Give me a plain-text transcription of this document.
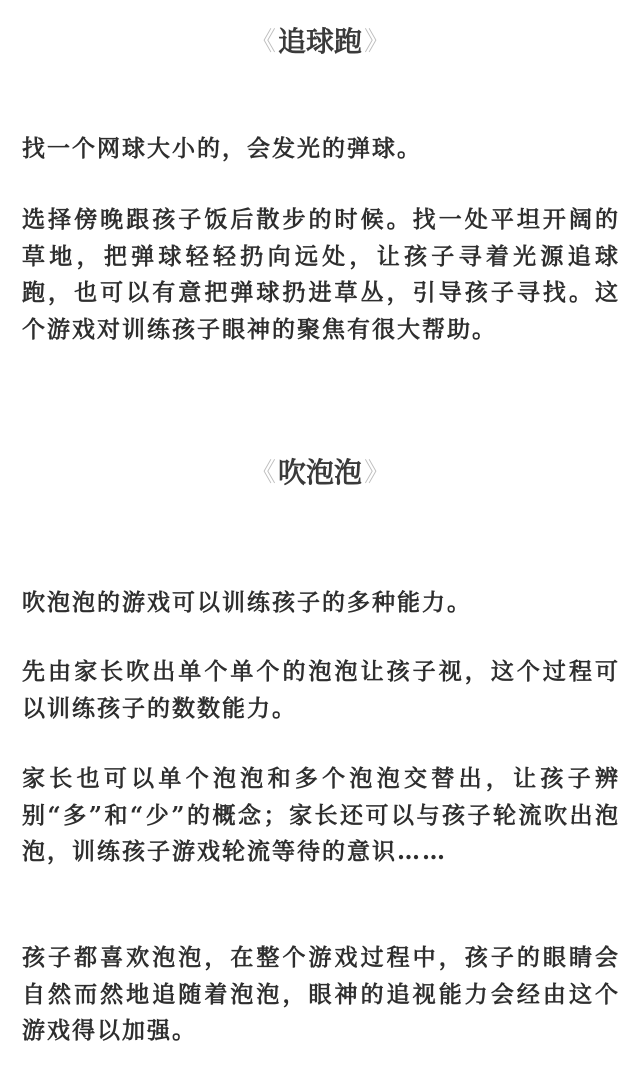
《追球跑》

找一个网球大小的，会发光的弹球。

选择傍晚跟孩子饭后散步的时候。找一处平坦开阔的草地，把弹球轻轻扔向远处，让孩子寻着光源追球跑，也可以有意把弹球扔进草丛，引导孩子寻找。这个游戏对训练孩子眼神的聚焦有很大帮助。

《吹泡泡》

吹泡泡的游戏可以训练孩子的多种能力。

先由家长吹出单个单个的泡泡让孩子视，这个过程可以训练孩子的数数能力。

家长也可以单个泡泡和多个泡泡交替出，让孩子辨别“多”和“少”的概念；家长还可以与孩子轮流吹出泡泡，训练孩子游戏轮流等待的意识……

孩子都喜欢泡泡，在整个游戏过程中，孩子的眼睛会自然而然地追随着泡泡，眼神的追视能力会经由这个游戏得以加强。
